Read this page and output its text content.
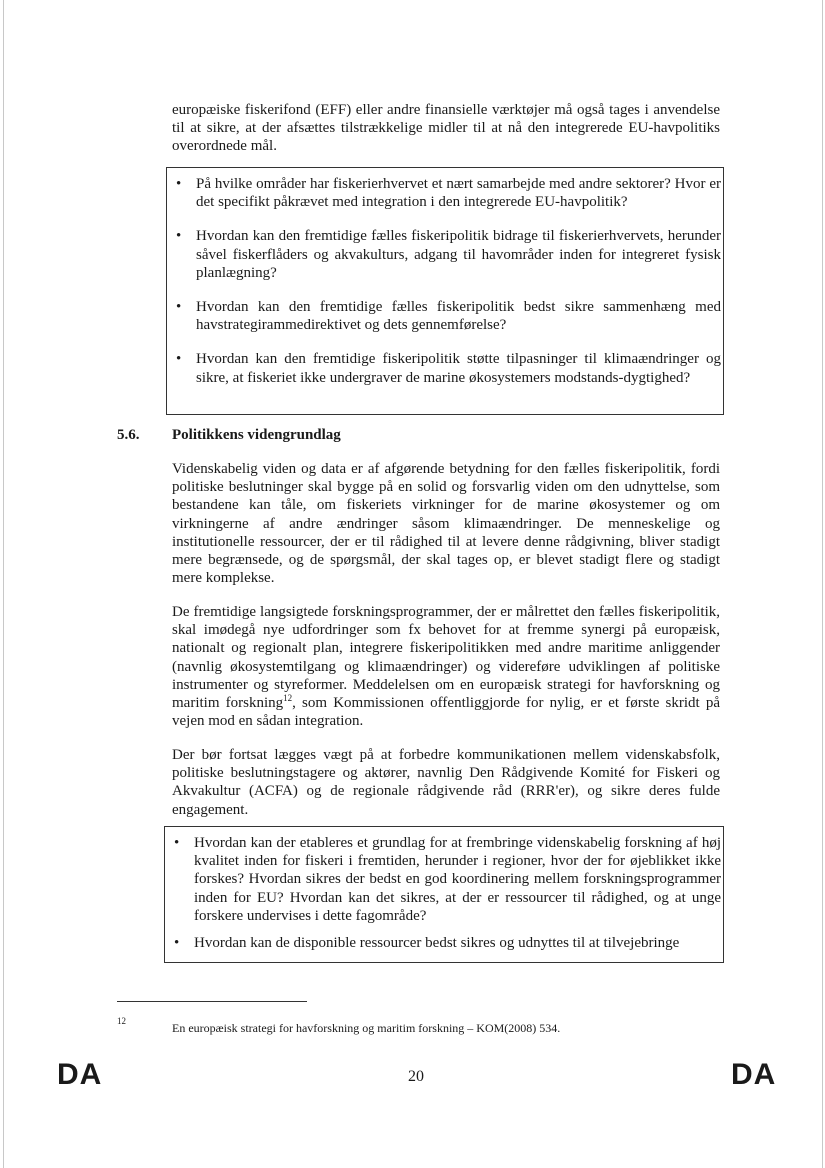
europæiske fiskerifond (EFF) eller andre finansielle værktøjer må også tages i anvendelse til at sikre, at der afsættes tilstrækkelige midler til at nå den integrerede EU-havpolitiks overordnede mål.

• På hvilke områder har fiskerierhvervet et nært samarbejde med andre sektorer? Hvor er det specifikt påkrævet med integration i den integrerede EU-havpolitik?
• Hvordan kan den fremtidige fælles fiskeripolitik bidrage til fiskerierhvervets, herunder såvel fiskerflåders og akvakulturs, adgang til havområder inden for integreret fysisk planlægning?
• Hvordan kan den fremtidige fælles fiskeripolitik bedst sikre sammenhæng med havstrategirammedirektivet og dets gennemførelse?
• Hvordan kan den fremtidige fiskeripolitik støtte tilpasninger til klimaændringer og sikre, at fiskeriet ikke undergraver de marine økosystemers modstands-dygtighed?
5.6. Politikkens videngrundlag

Videnskabelig viden og data er af afgørende betydning for den fælles fiskeripolitik, fordi politiske beslutninger skal bygge på en solid og forsvarlig viden om den udnyttelse, som bestandene kan tåle, om fiskeriets virkninger for de marine økosystemer og om virkningerne af andre ændringer såsom klimaændringer. De menneskelige og institutionelle ressourcer, der er til rådighed til at levere denne rådgivning, bliver stadigt mere begrænsede, og de spørgsmål, der skal tages op, er blevet stadigt flere og stadigt mere komplekse.

De fremtidige langsigtede forskningsprogrammer, der er målrettet den fælles fiskeripolitik, skal imødegå nye udfordringer som fx behovet for at fremme synergi på europæisk, nationalt og regionalt plan, integrere fiskeripolitikken med andre maritime anliggender (navnlig økosystemtilgang og klimaændringer) og videreføre udviklingen af politiske instrumenter og styreformer. Meddelelsen om en europæisk strategi for havforskning og maritim forskning$^{12}$, som Kommissionen offentliggjorde for nylig, er et første skridt på vejen mod en sådan integration.

Der bør fortsat lægges vægt på at forbedre kommunikationen mellem videnskabsfolk, politiske beslutningstagere og aktører, navnlig Den Rådgivende Komité for Fiskeri og Akvakultur (ACFA) og de regionale rådgivende råd (RRR'er), og sikre deres fulde engagement.

• Hvordan kan der etableres et grundlag for at frembringe videnskabelig forskning af høj kvalitet inden for fiskeri i fremtiden, herunder i regioner, hvor der for øjeblikket ikke forskes? Hvordan sikres der bedst en god koordinering mellem forskningsprogrammer inden for EU? Hvordan kan det sikres, at der er ressourcer til rådighed, og at unge forskere undervises i dette fagområde?
• Hvordan kan de disponible ressourcer bedst sikres og udnyttes til at tilvejebringe
12	En europæisk strategi for havforskning og maritim forskning – KOM(2008) 534.
DA	20	DA
